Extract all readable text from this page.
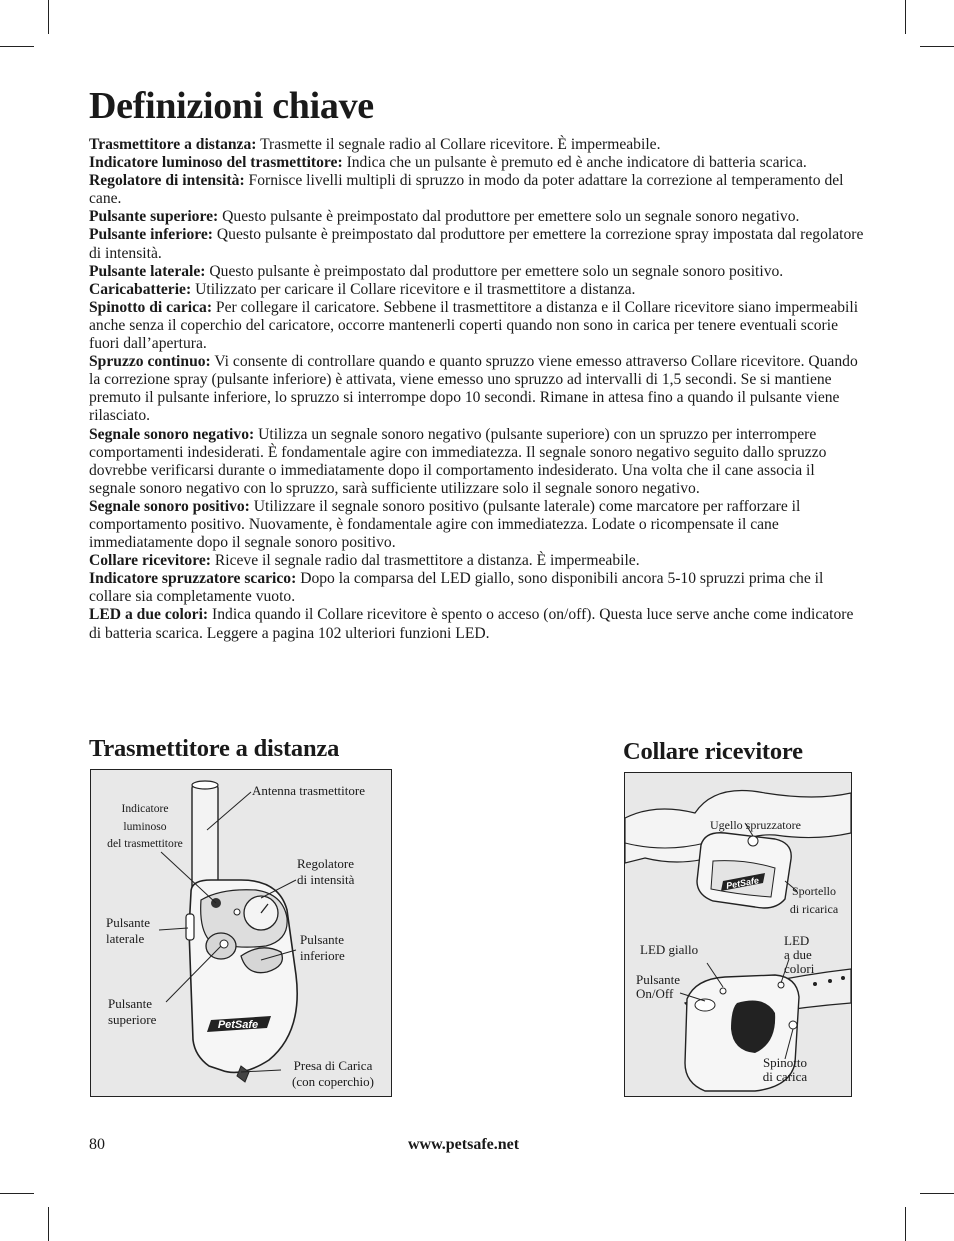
Definizioni chiave

Trasmettitore a distanza: Trasmette il segnale radio al Collare ricevitore. È impermeabile.

Indicatore luminoso del trasmettitore: Indica che un pulsante è premuto ed è anche indicatore di batteria scarica.

Regolatore di intensità: Fornisce livelli multipli di spruzzo in modo da poter adattare la correzione al temperamento del cane.

Pulsante superiore: Questo pulsante è preimpostato dal produttore per emettere solo un segnale sonoro negativo.

Pulsante inferiore: Questo pulsante è preimpostato dal produttore per emettere la correzione spray impostata dal regolatore di intensità.

Pulsante laterale: Questo pulsante è preimpostato dal produttore per emettere solo un segnale sonoro positivo.

Caricabatterie: Utilizzato per caricare il Collare ricevitore e il trasmettitore a distanza.

Spinotto di carica: Per collegare il caricatore. Sebbene il trasmettitore a distanza e il Collare ricevitore siano impermeabili anche senza il coperchio del caricatore, occorre mantenerli coperti quando non sono in carica per tenere eventuali scorie fuori dall’apertura.

Spruzzo continuo: Vi consente di controllare quando e quanto spruzzo viene emesso attraverso Collare ricevitore. Quando la correzione spray (pulsante inferiore) è attivata, viene emesso uno spruzzo ad intervalli di 1,5 secondi. Se si mantiene premuto il pulsante inferiore, lo spruzzo si interrompe dopo 10 secondi. Rimane in attesa fino a quando il pulsante viene rilasciato.

Segnale sonoro negativo: Utilizza un segnale sonoro negativo (pulsante superiore) con un spruzzo per interrompere comportamenti indesiderati. È fondamentale agire con immediatezza. Il segnale sonoro negativo seguito dallo spruzzo dovrebbe verificarsi durante o immediatamente dopo il comportamento indesiderato. Una volta che il cane associa il segnale sonoro negativo con lo spruzzo, sarà sufficiente utilizzare solo il segnale sonoro negativo.

Segnale sonoro positivo: Utilizzare il segnale sonoro positivo (pulsante laterale) come marcatore per rafforzare il comportamento positivo. Nuovamente, è fondamentale agire con immediatezza. Lodate o ricompensate il cane immediatamente dopo il segnale sonoro positivo.

Collare ricevitore: Riceve il segnale radio dal trasmettitore a distanza. È impermeabile.

Indicatore spruzzatore scarico: Dopo la comparsa del LED giallo, sono disponibili ancora 5-10 spruzzi prima che il collare sia completamente vuoto.

LED a due colori: Indica quando il Collare ricevitore è spento o acceso (on/off). Questa luce serve anche come indicatore di batteria scarica. Leggere a pagina 102 ulteriori funzioni LED.

Trasmettitore a distanza
PetSafe
Antenna trasmettitore
Indicatore
luminoso
del trasmettitore
Regolatore
di intensità
Pulsante
laterale	Pulsante
inferiore
Pulsante
superiore
Presa di Carica
(con coperchio)
Collare ricevitore
PetSafe
Ugello spruzzatore
Sportello
di ricarica
LED giallo
LED
a due
colori
Pulsante
On/Off
Spinotto
di carica
80	www.petsafe.net
